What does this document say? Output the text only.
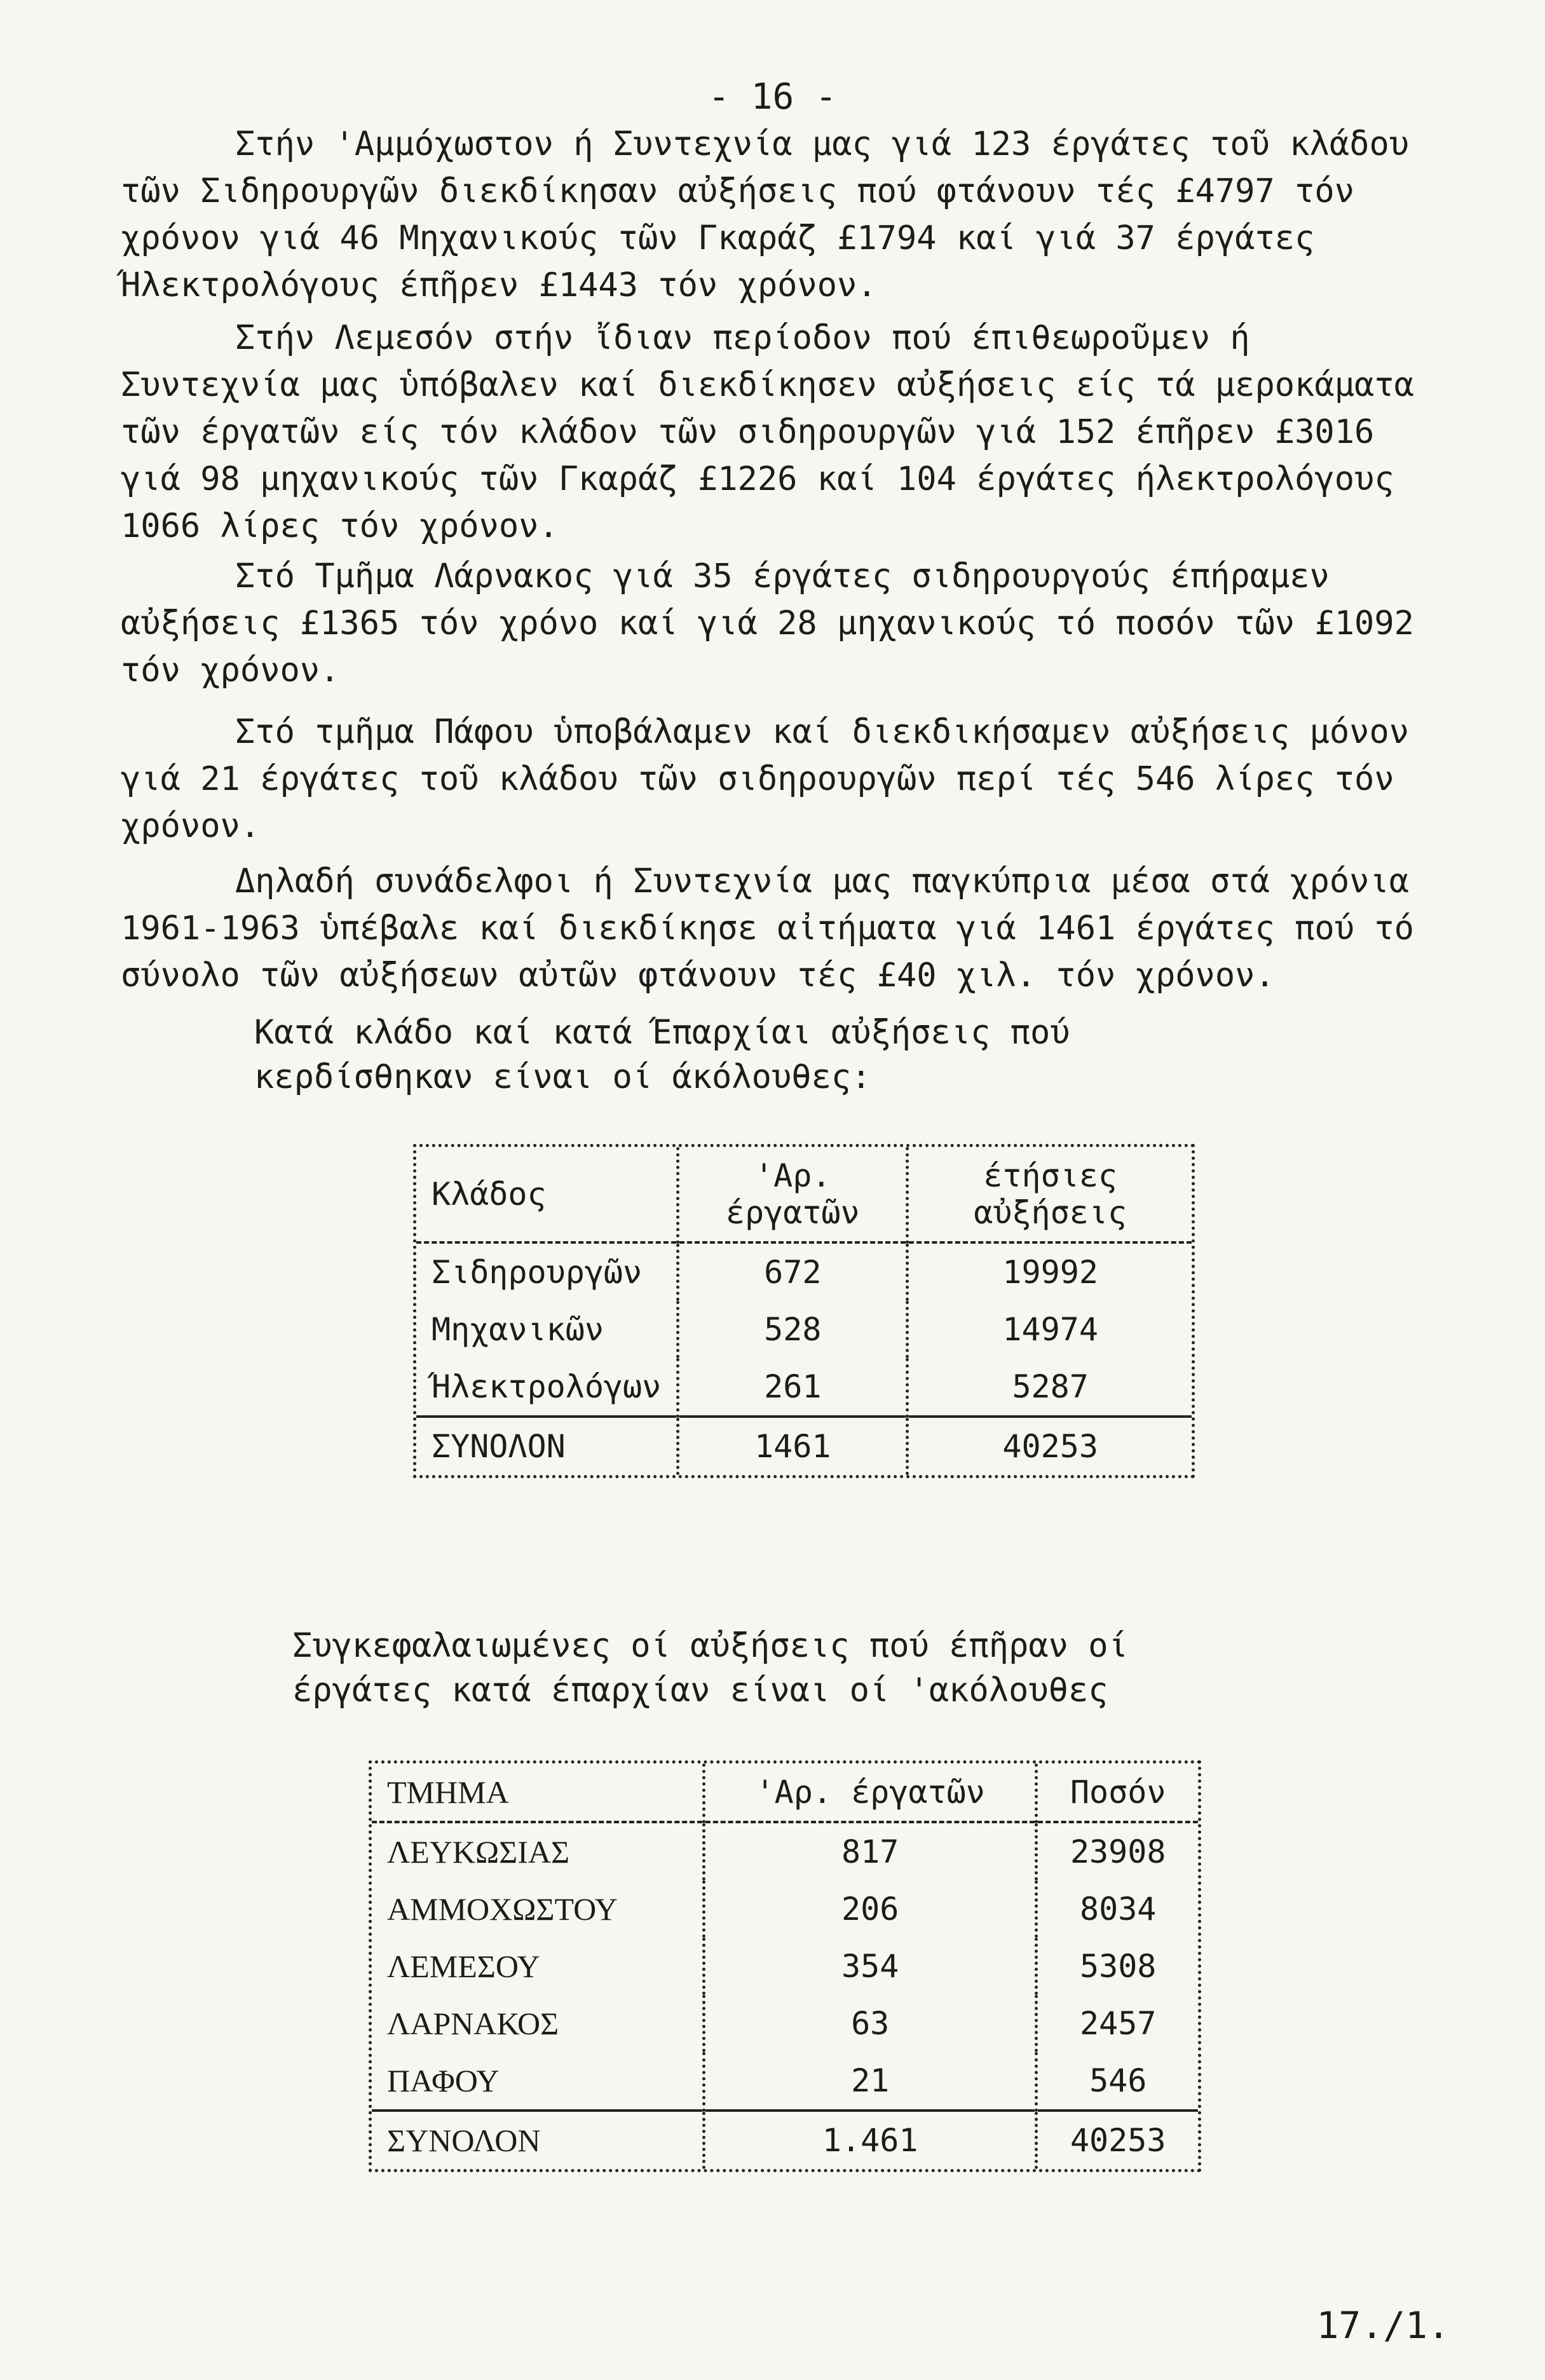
- 16 -
Στήν 'Αμμόχωστον ή Συντεχνία μας γιά 123 έργάτες τοῦ κλάδου τῶν Σιδηρουργῶν διεκδίκησαν αὐξήσεις πού φτάνουν τές £4797 τόν χρόνον γιά 46 Μηχανικούς τῶν Γκαράζ £1794 καί γιά 37 έργάτες Ήλεκτρολόγους έπῆρεν £1443 τόν χρόνον.
Στήν Λεμεσόν στήν ἴδιαν περίοδον πού έπιθεωροῦμεν ή Συντεχνία μας ὑπόβαλεν καί διεκδίκησεν αὐξήσεις είς τά μεροκάματα τῶν έργατῶν είς τόν κλάδον τῶν σιδηρουργῶν γιά 152 έπῆρεν £3016 γιά 98 μηχανικούς τῶν Γκαράζ £1226 καί 104 έργάτες ήλεκτρολόγους 1066 λίρες τόν χρόνον.
Στό Τμῆμα Λάρνακος γιά 35 έργάτες σιδηρουργούς έπήραμεν αὐξήσεις £1365 τόν χρόνο καί γιά 28 μηχανικούς τό ποσόν τῶν £1092 τόν χρόνον.
Στό τμῆμα Πάφου ὑποβάλαμεν καί διεκδικήσαμεν αὐξήσεις μόνον γιά 21 έργάτες τοῦ κλάδου τῶν σιδηρουργῶν περί τές 546 λίρες τόν χρόνον.
Δηλαδή συνάδελφοι ή Συντεχνία μας παγκύπρια μέσα στά χρόνια 1961-1963 ὑπέβαλε καί διεκδίκησε αἰτήματα γιά 1461 έργάτες πού τό σύνολο τῶν αὐξήσεων αὐτῶν φτάνουν τές £40 χιλ. τόν χρόνον.
Κατά κλάδο καί κατά Έπαρχίαι αὐξήσεις πού
κερδίσθηκαν είναι οί άκόλουθες:
Κλάδος	'Αρ. έργατῶν	έτήσιες αὐξήσεις
Σιδηρουργῶν	672	19992
Μηχανικῶν	528	14974
Ήλεκτρολόγων	261	5287
ΣΥΝΟΛΟΝ	1461	40253
Συγκεφαλαιωμένες οί αὐξήσεις πού έπῆραν οί
έργάτες κατά έπαρχίαν είναι οί 'ακόλουθες
ΤΜΗΜΑ	'Αρ. έργατῶν	Ποσόν
ΛΕΥΚΩΣΙΑΣ	817	23908
ΑΜΜΟΧΩΣΤΟΥ	206	8034
ΛΕΜΕΣΟΥ	354	5308
ΛΑΡΝΑΚΟΣ	63	2457
ΠΑΦΟΥ	21	546
ΣΥΝΟΛΟΝ	1.461	40253
17./1.
